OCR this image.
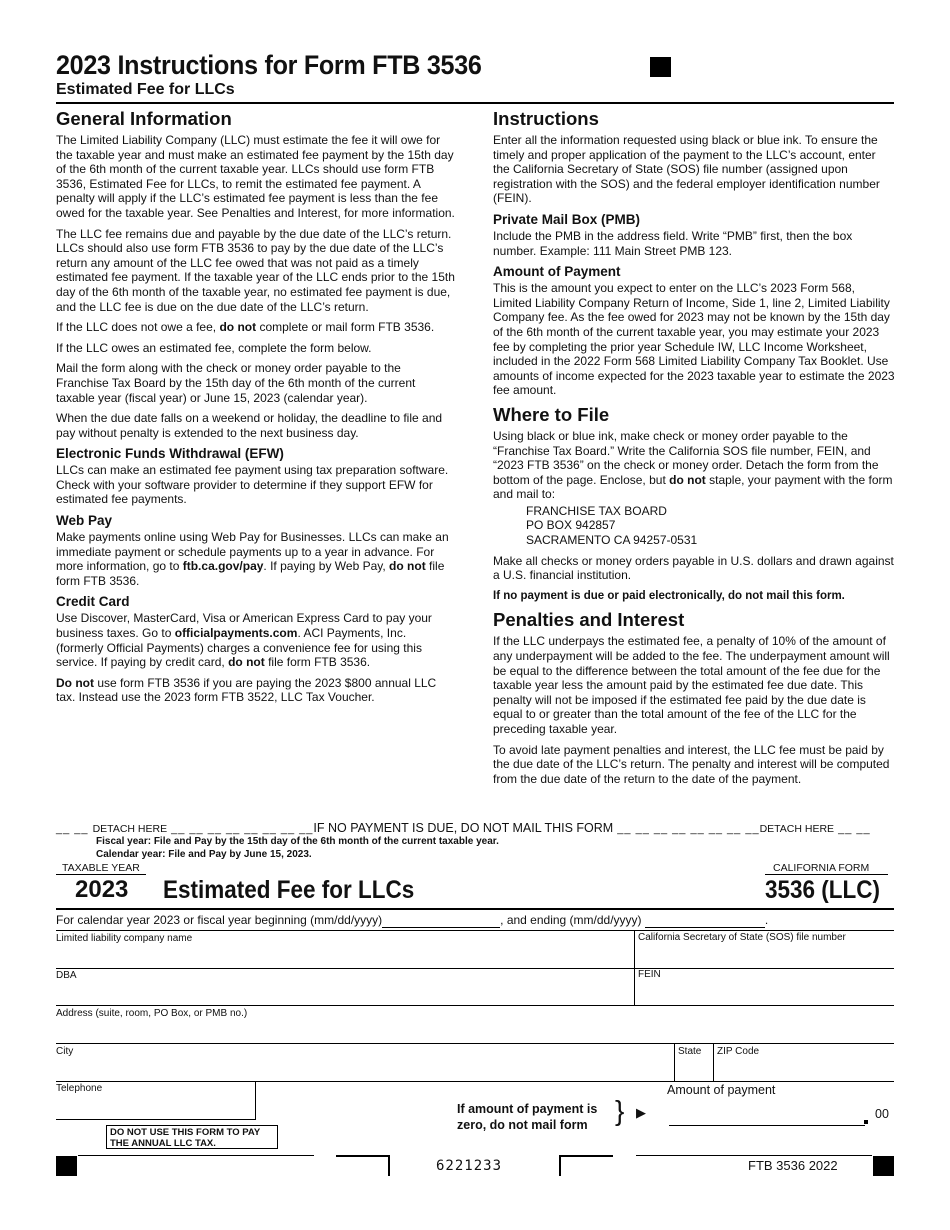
2023 Instructions for Form FTB 3536
Estimated Fee for LLCs
General Information

The Limited Liability Company (LLC) must estimate the fee it will owe for the taxable year and must make an estimated fee payment by the 15th day of the 6th month of the current taxable year. LLCs should use form FTB 3536, Estimated Fee for LLCs, to remit the estimated fee payment. A penalty will apply if the LLC’s estimated fee payment is less than the fee owed for the taxable year. See Penalties and Interest, for more information.

The LLC fee remains due and payable by the due date of the LLC’s return. LLCs should also use form FTB 3536 to pay by the due date of the LLC’s return any amount of the LLC fee owed that was not paid as a timely estimated fee payment. If the taxable year of the LLC ends prior to the 15th day of the 6th month of the taxable year, no estimated fee payment is due, and the LLC fee is due on the due date of the LLC’s return.

If the LLC does not owe a fee, do not complete or mail form FTB 3536.

If the LLC owes an estimated fee, complete the form below.

Mail the form along with the check or money order payable to the Franchise Tax Board by the 15th day of the 6th month of the current taxable year (fiscal year) or June 15, 2023 (calendar year).

When the due date falls on a weekend or holiday, the deadline to file and pay without penalty is extended to the next business day.

Electronic Funds Withdrawal (EFW)

LLCs can make an estimated fee payment using tax preparation software. Check with your software provider to determine if they support EFW for estimated fee payments.

Web Pay

Make payments online using Web Pay for Businesses. LLCs can make an immediate payment or schedule payments up to a year in advance. For more information, go to ftb.ca.gov/pay. If paying by Web Pay, do not file form FTB 3536.

Credit Card

Use Discover, MasterCard, Visa or American Express Card to pay your business taxes. Go to officialpayments.com. ACI Payments, Inc. (formerly Official Payments) charges a convenience fee for using this service. If paying by credit card, do not file form FTB 3536.

Do not use form FTB 3536 if you are paying the 2023 $800 annual LLC tax. Instead use the 2023 form FTB 3522, LLC Tax Voucher.

Instructions

Enter all the information requested using black or blue ink. To ensure the timely and proper application of the payment to the LLC’s account, enter the California Secretary of State (SOS) file number (assigned upon registration with the SOS) and the federal employer identification number (FEIN).

Private Mail Box (PMB)

Include the PMB in the address field. Write “PMB” first, then the box number. Example: 111 Main Street PMB 123.

Amount of Payment

This is the amount you expect to enter on the LLC’s 2023 Form 568, Limited Liability Company Return of Income, Side 1, line 2, Limited Liability Company fee. As the fee owed for 2023 may not be known by the 15th day of the 6th month of the current taxable year, you may estimate your 2023 fee by completing the prior year Schedule IW, LLC Income Worksheet, included in the 2022 Form 568 Limited Liability Company Tax Booklet. Use amounts of income expected for the 2023 taxable year to estimate the 2023 fee amount.

Where to File

Using black or blue ink, make check or money order payable to the “Franchise Tax Board.” Write the California SOS file number, FEIN, and “2023 FTB 3536” on the check or money order. Detach the form from the bottom of the page. Enclose, but do not staple, your payment with the form and mail to:

FRANCHISE TAX BOARD
PO BOX 942857
SACRAMENTO CA 94257-0531

Make all checks or money orders payable in U.S. dollars and drawn against a U.S. financial institution.

If no payment is due or paid electronically, do not mail this form.

Penalties and Interest

If the LLC underpays the estimated fee, a penalty of 10% of the amount of any underpayment will be added to the fee. The underpayment amount will be equal to the difference between the total amount of the fee due for the taxable year less the amount paid by the estimated fee due date. This penalty will not be imposed if the estimated fee paid by the due date is equal to or greater than the total amount of the fee of the LLC for the preceding taxable year.

To avoid late payment penalties and interest, the LLC fee must be paid by the due date of the LLC’s return. The penalty and interest will be computed from the due date of the return to the date of the payment.

__ __ DETACH HERE __ __ __ __ __ __ __ __IF NO PAYMENT IS DUE, DO NOT MAIL THIS FORM __ __ __ __ __ __ __ __DETACH HERE __ __
Fiscal year: File and Pay by the 15th day of the 6th month of the current taxable year.
Calendar year: File and Pay by June 15, 2023.
TAXABLE YEAR
2023 Estimated Fee for LLCs
CALIFORNIA FORM
3536 (LLC)
For calendar year 2023 or fiscal year beginning (mm/dd/yyyy)	, and ending (mm/dd/yyyy)	.
Limited liability company name	California Secretary of State (SOS) file number
DBA	FEIN
Address (suite, room, PO Box, or PMB no.)
City	State	ZIP Code
Telephone
DO NOT USE THIS FORM TO PAY
THE ANNUAL LLC TAX.
If amount of payment is
zero, do not mail form } ▶
Amount of payment
00
6221233	FTB 3536 2022
